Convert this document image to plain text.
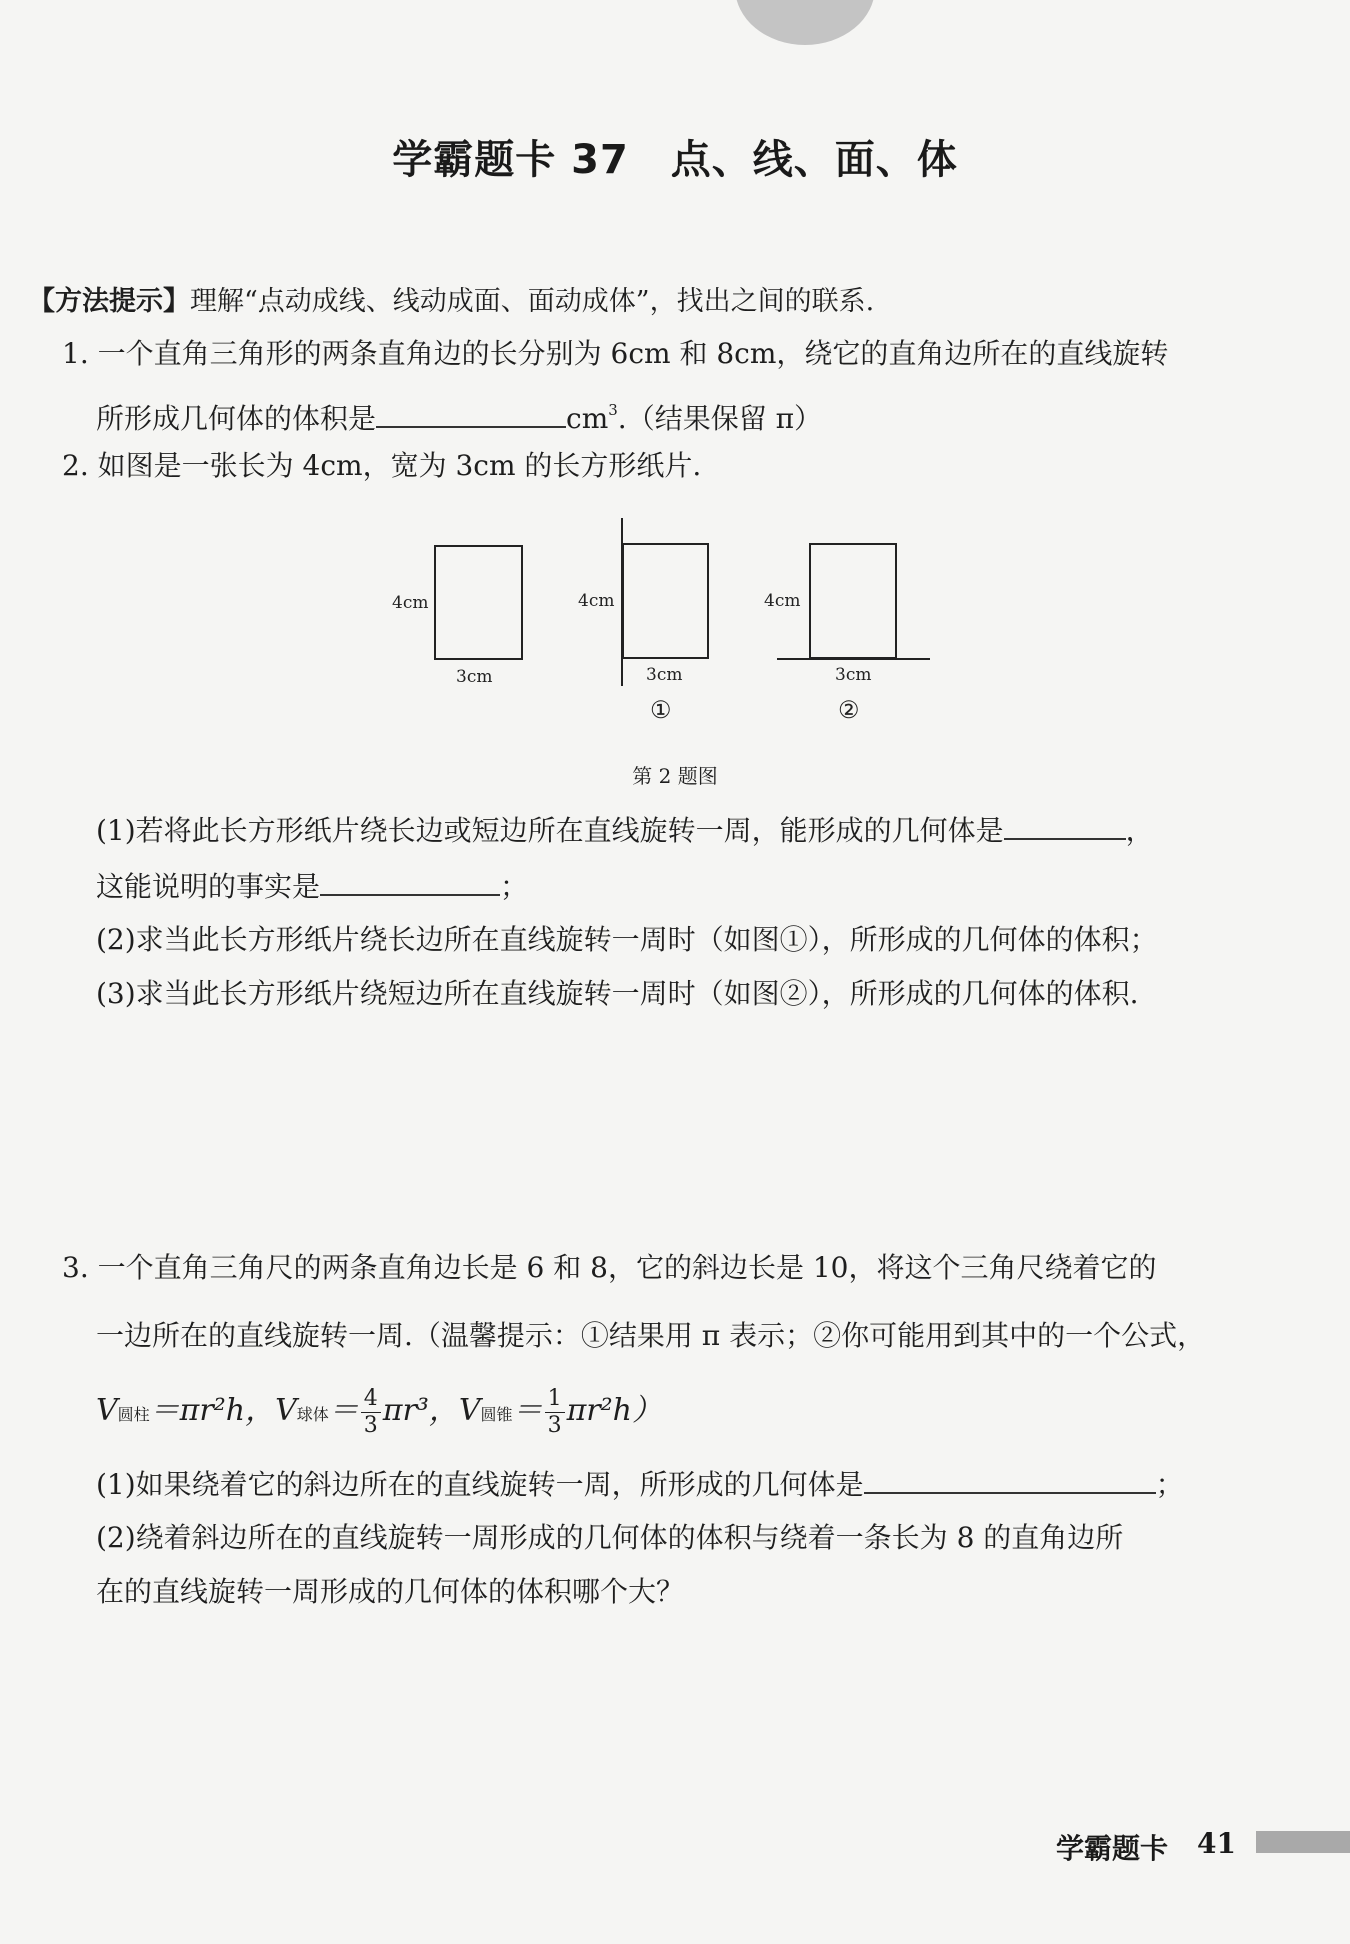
学霸题卡 37 点、线、面、体
【方法提示】理解“点动成线、线动成面、面动成体”，找出之间的联系.
1. 一个直角三角形的两条直角边的长分别为 6cm 和 8cm，绕它的直角边所在的直线旋转
所形成几何体的体积是	$cm^3$.（结果保留 π）
2. 如图是一张长为 4cm，宽为 3cm 的长方形纸片.
4cm
3cm
4cm
3cm
4cm
3cm
①	②
第 2 题图
(1)若将此长方形纸片绕长边或短边所在直线旋转一周，能形成的几何体是	，
这能说明的事实是	；
(2)求当此长方形纸片绕长边所在直线旋转一周时（如图①），所形成的几何体的体积；
(3)求当此长方形纸片绕短边所在直线旋转一周时（如图②），所形成的几何体的体积.
3. 一个直角三角尺的两条直角边长是 6 和 8，它的斜边长是 10，将这个三角尺绕着它的
一边所在的直线旋转一周.（温馨提示：①结果用 π 表示；②你可能用到其中的一个公式，
V圆柱＝πr²h，V球体＝ $\frac{4}{3} \pi r^3$，V圆锥＝ $\frac{1}{3} \pi r^2h$）
(1)如果绕着它的斜边所在的直线旋转一周，所形成的几何体是	；
(2)绕着斜边所在的直线旋转一周形成的几何体的体积与绕着一条长为 8 的直角边所
在的直线旋转一周形成的几何体的体积哪个大？
学霸题卡 41
